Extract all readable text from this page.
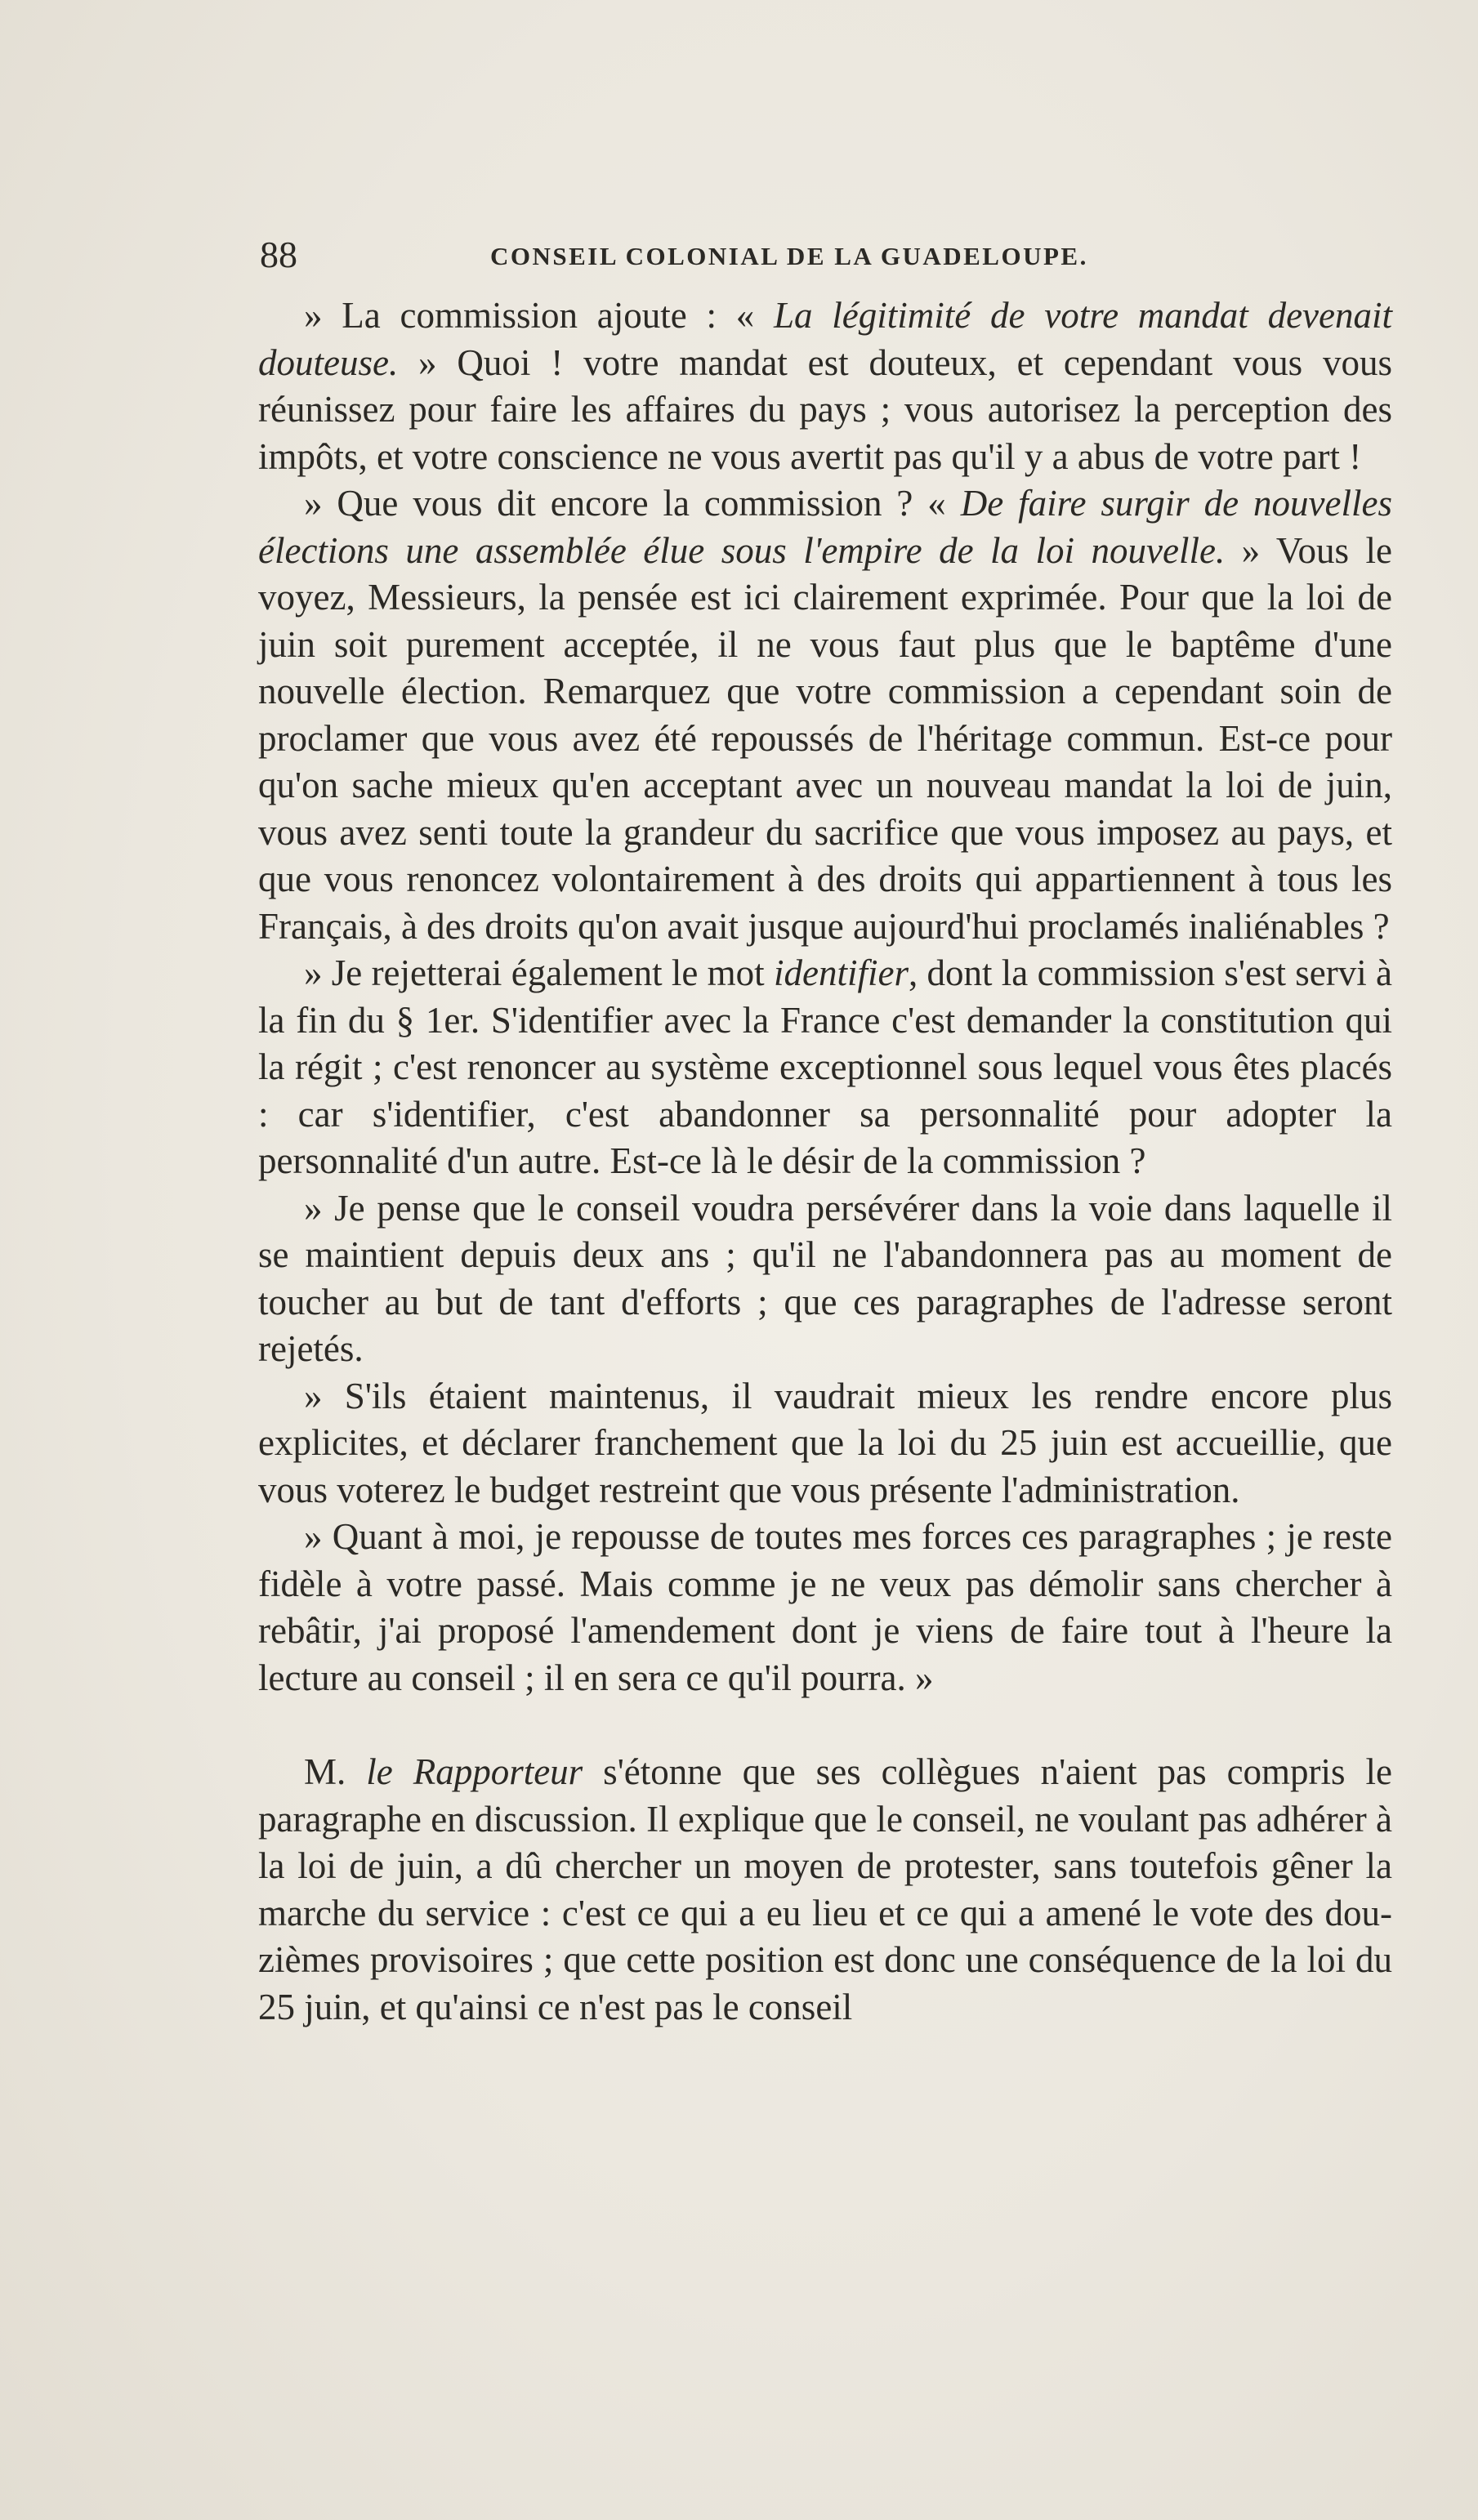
88	CONSEIL COLONIAL DE LA GUADELOUPE.

» La commission ajoute : « La légitimité de votre mandat devenait douteuse. » Quoi ! votre mandat est douteux, et cependant vous vous réunissez pour faire les affaires du pays ; vous autorisez la perception des impôts, et votre conscience ne vous avertit pas qu'il y a abus de votre part !

» Que vous dit encore la commission ? « De faire surgir de nouvelles élections une assemblée élue sous l'empire de la loi nouvelle. » Vous le voyez, Messieurs, la pensée est ici clairement exprimée. Pour que la loi de juin soit purement acceptée, il ne vous faut plus que le baptême d'une nouvelle élection. Remarquez que votre commission a cependant soin de proclamer que vous avez été repoussés de l'héritage commun. Est-ce pour qu'on sache mieux qu'en acceptant avec un nouveau mandat la loi de juin, vous avez senti toute la grandeur du sacrifice que vous imposez au pays, et que vous renoncez volontairement à des droits qui appartiennent à tous les Français, à des droits qu'on avait jusque aujourd'hui proclamés inaliénables ?

» Je rejetterai également le mot identifier, dont la commission s'est servi à la fin du § 1er. S'identifier avec la France c'est demander la constitution qui la régit ; c'est renoncer au système exceptionnel sous lequel vous êtes placés : car s'identifier, c'est abandonner sa personnalité pour adopter la personnalité d'un autre. Est-ce là le désir de la commission ?

» Je pense que le conseil voudra persévérer dans la voie dans laquelle il se maintient depuis deux ans ; qu'il ne l'abandonnera pas au moment de toucher au but de tant d'efforts ; que ces paragraphes de l'adresse seront rejetés.

» S'ils étaient maintenus, il vaudrait mieux les rendre encore plus explicites, et déclarer franchement que la loi du 25 juin est accueillie, que vous voterez le budget restreint que vous présente l'administration.

» Quant à moi, je repousse de toutes mes forces ces paragraphes ; je reste fidèle à votre passé. Mais comme je ne veux pas démolir sans chercher à rebâtir, j'ai proposé l'amendement dont je viens de faire tout à l'heure la lecture au conseil ; il en sera ce qu'il pourra. »

M. le Rapporteur s'étonne que ses collègues n'aient pas compris le paragraphe en discussion. Il explique que le conseil, ne voulant pas adhérer à la loi de juin, a dû chercher un moyen de protester, sans toutefois gêner la marche du service : c'est ce qui a eu lieu et ce qui a amené le vote des douzièmes provisoires ; que cette position est donc une conséquence de la loi du 25 juin, et qu'ainsi ce n'est pas le conseil
